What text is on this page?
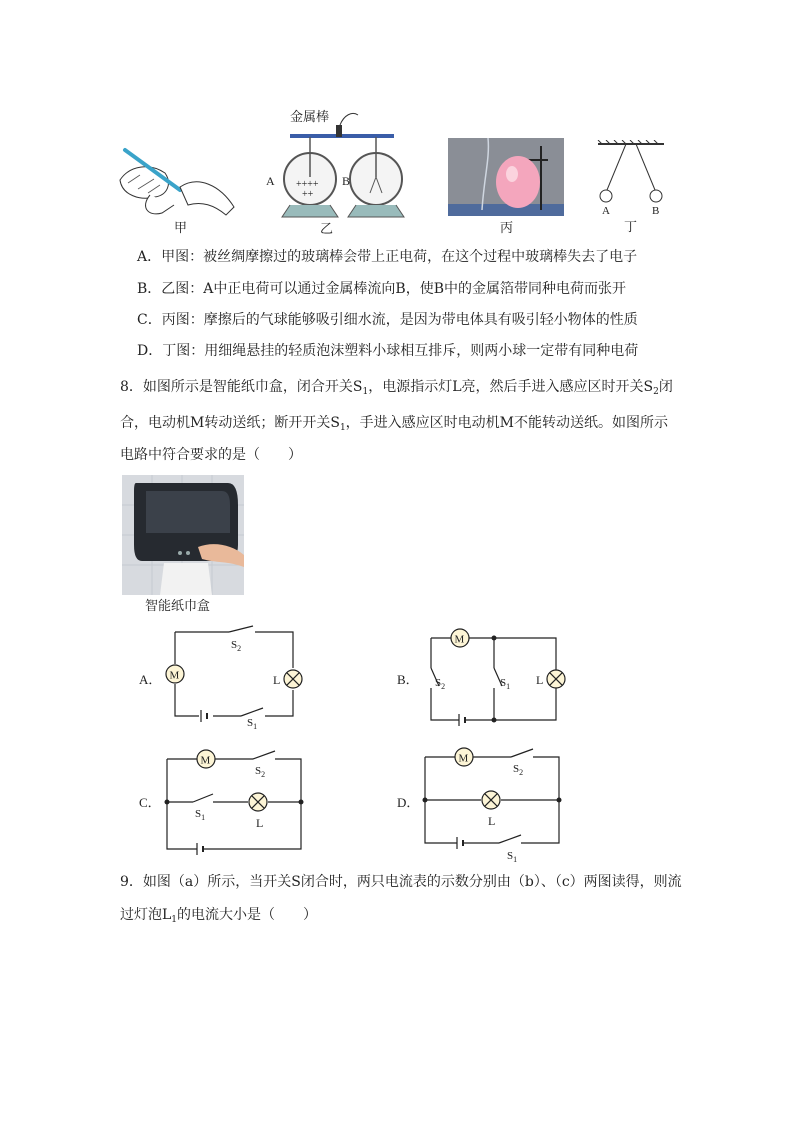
甲
金属棒
++++
++
A	B
乙	丙
A	B
丁
A．甲图：被丝绸摩擦过的玻璃棒会带上正电荷，在这个过程中玻璃棒失去了电子
B．乙图：A中正电荷可以通过金属棒流向B，使B中的金属箔带同种电荷而张开
C．丙图：摩擦后的气球能够吸引细水流，是因为带电体具有吸引轻小物体的性质
D．丁图：用细绳悬挂的轻质泡沫塑料小球相互排斥，则两小球一定带有同种电荷
8．如图所示是智能纸巾盒，闭合开关$S_1$，电源指示灯L亮，然后手进入感应区时开关$S_2$闭
合，电动机M转动送纸；断开开关$S_1$，手进入感应区时电动机M不能转动送纸。如图所示
电路中符合要求的是（　　）
智能纸巾盒
A． M	L
$S_2$
$S_1$
B．
M
L
$S_2$	$S_1$
C．
M
L
$S_2$
$S_1$
D．
M
L
$S_2$
$S_1$
9．如图（a）所示，当开关S闭合时，两只电流表的示数分别由（b）、（c）两图读得，则流
过灯泡$L_1$的电流大小是（　　）
